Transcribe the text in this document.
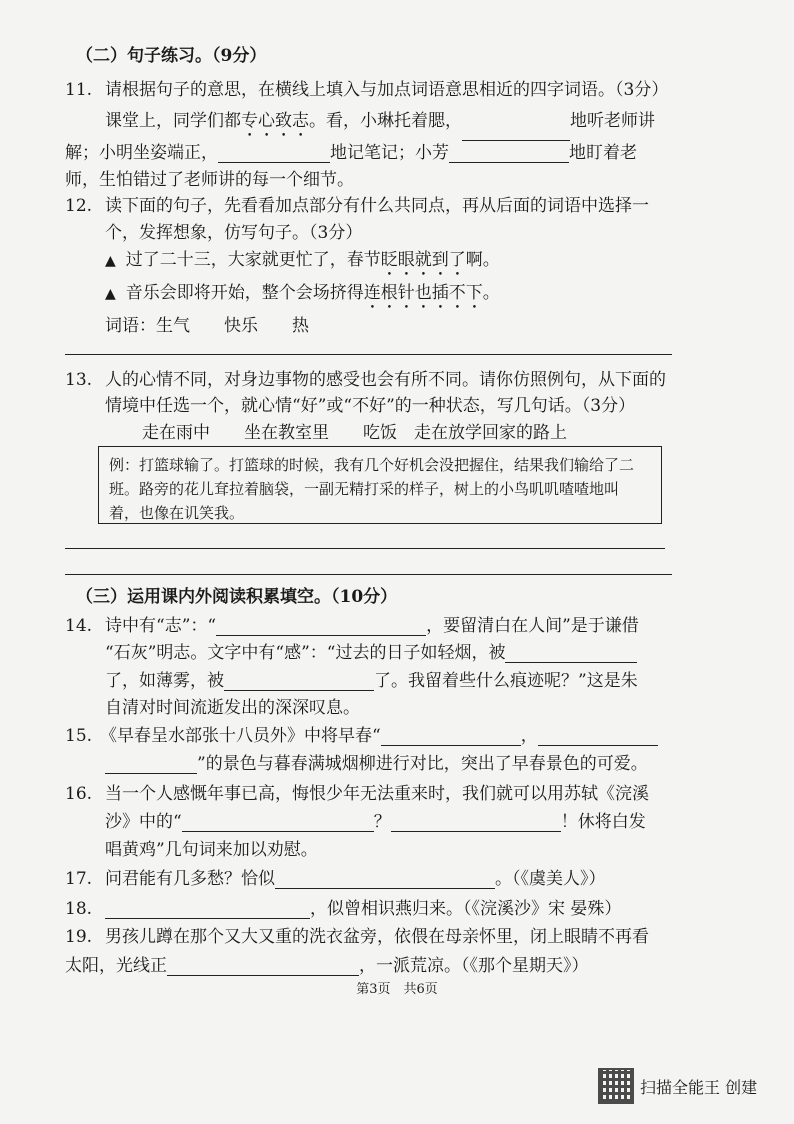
（二）句子练习。（9分）
11. 请根据句子的意思，在横线上填入与加点词语意思相近的四字词语。（3分）
课堂上，同学们都专心致志。看，小琳托着腮，	地听老师讲
解；小明坐姿端正，	地记笔记；小芳	地盯着老
师，生怕错过了老师讲的每一个细节。
12. 读下面的句子，先看看加点部分有什么共同点，再从后面的词语中选择一
个，发挥想象，仿写句子。（3分）
▲ 过了二十三，大家就更忙了，春节眨眼就到了啊。
▲ 音乐会即将开始，整个会场挤得连根针也插不下。
词语：生气　　快乐　　热
13. 人的心情不同，对身边事物的感受也会有所不同。请你仿照例句，从下面的
情境中任选一个，就心情“好”或“不好”的一种状态，写几句话。（3分）
走在雨中　　坐在教室里　　吃饭　走在放学回家的路上
例：打篮球输了。打篮球的时候，我有几个好机会没把握住，结果我们输给了二
班。路旁的花儿耷拉着脑袋，一副无精打采的样子，树上的小鸟叽叽喳喳地叫
着，也像在讥笑我。
（三）运用课内外阅读积累填空。（10分）
14. 诗中有“志”：“	，要留清白在人间”是于谦借
“石灰”明志。文字中有“感”：“过去的日子如轻烟，被
了，如薄雾，被	了。我留着些什么痕迹呢？”这是朱
自清对时间流逝发出的深深叹息。
15. 《早春呈水部张十八员外》中将早春“	，
”的景色与暮春满城烟柳进行对比，突出了早春景色的可爱。
16. 当一个人感慨年事已高，悔恨少年无法重来时，我们就可以用苏轼《浣溪
沙》中的“	？	！休将白发
唱黄鸡”几句词来加以劝慰。
17. 问君能有几多愁？恰似	。（《虞美人》）
18.	，似曾相识燕归来。（《浣溪沙》宋 晏殊）
19. 男孩儿蹲在那个又大又重的洗衣盆旁，依偎在母亲怀里，闭上眼睛不再看
太阳，光线正	，一派荒凉。（《那个星期天》）
第3页　共6页
扫描全能王 创建
